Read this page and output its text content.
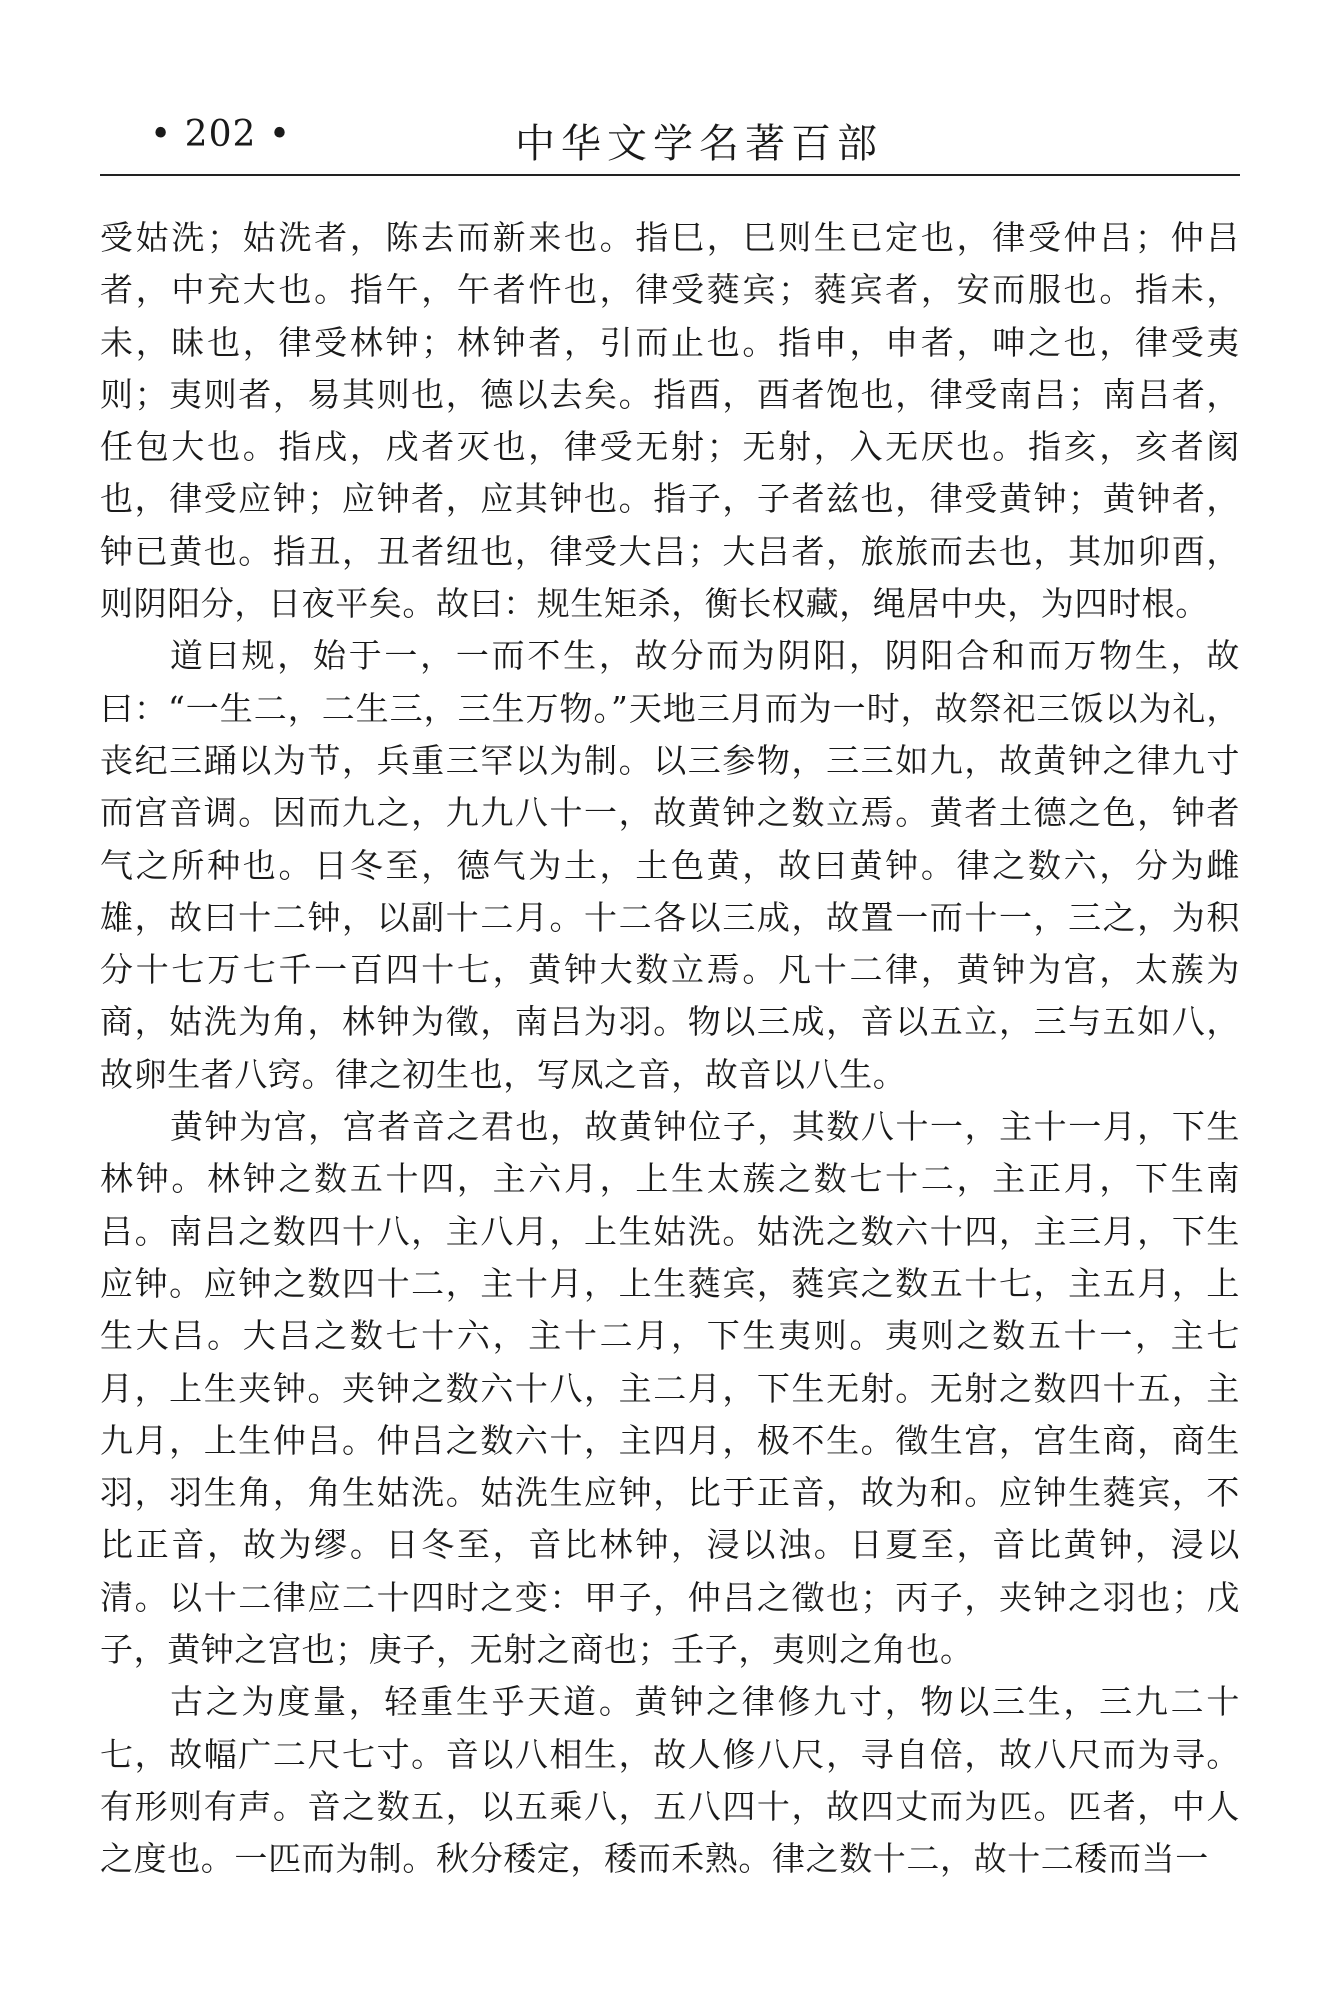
• 202 •	中华文学名著百部

受姑洗；姑洗者，陈去而新来也。指巳，巳则生已定也，律受仲吕；仲吕者，中充大也。指午，午者忤也，律受蕤宾；蕤宾者，安而服也。指未，未，昧也，律受林钟；林钟者，引而止也。指申，申者，呻之也，律受夷则；夷则者，易其则也，德以去矣。指酉，酉者饱也，律受南吕；南吕者，任包大也。指戌，戌者灭也，律受无射；无射，入无厌也。指亥，亥者阂也，律受应钟；应钟者，应其钟也。指子，子者兹也，律受黄钟；黄钟者，钟已黄也。指丑，丑者纽也，律受大吕；大吕者，旅旅而去也，其加卯酉，则阴阳分，日夜平矣。故曰：规生矩杀，衡长权藏，绳居中央，为四时根。

道曰规，始于一，一而不生，故分而为阴阳，阴阳合和而万物生，故曰：“一生二，二生三，三生万物。”天地三月而为一时，故祭祀三饭以为礼，丧纪三踊以为节，兵重三罕以为制。以三参物，三三如九，故黄钟之律九寸而宫音调。因而九之，九九八十一，故黄钟之数立焉。黄者土德之色，钟者气之所种也。日冬至，德气为土，土色黄，故曰黄钟。律之数六，分为雌雄，故曰十二钟，以副十二月。十二各以三成，故置一而十一，三之，为积分十七万七千一百四十七，黄钟大数立焉。凡十二律，黄钟为宫，太蔟为商，姑洗为角，林钟为徵，南吕为羽。物以三成，音以五立，三与五如八，故卵生者八窍。律之初生也，写凤之音，故音以八生。

黄钟为宫，宫者音之君也，故黄钟位子，其数八十一，主十一月，下生林钟。林钟之数五十四，主六月，上生太蔟之数七十二，主正月，下生南吕。南吕之数四十八，主八月，上生姑洗。姑洗之数六十四，主三月，下生应钟。应钟之数四十二，主十月，上生蕤宾，蕤宾之数五十七，主五月，上生大吕。大吕之数七十六，主十二月，下生夷则。夷则之数五十一，主七月，上生夹钟。夹钟之数六十八，主二月，下生无射。无射之数四十五，主九月，上生仲吕。仲吕之数六十，主四月，极不生。徵生宫，宫生商，商生羽，羽生角，角生姑洗。姑洗生应钟，比于正音，故为和。应钟生蕤宾，不比正音，故为缪。日冬至，音比林钟，浸以浊。日夏至，音比黄钟，浸以清。以十二律应二十四时之变：甲子，仲吕之徵也；丙子，夹钟之羽也；戊子，黄钟之宫也；庚子，无射之商也；壬子，夷则之角也。

古之为度量，轻重生乎天道。黄钟之律修九寸，物以三生，三九二十七，故幅广二尺七寸。音以八相生，故人修八尺，寻自倍，故八尺而为寻。有形则有声。音之数五，以五乘八，五八四十，故四丈而为匹。匹者，中人之度也。一匹而为制。秋分䅗定，䅗而禾熟。律之数十二，故十二䅗而当一
